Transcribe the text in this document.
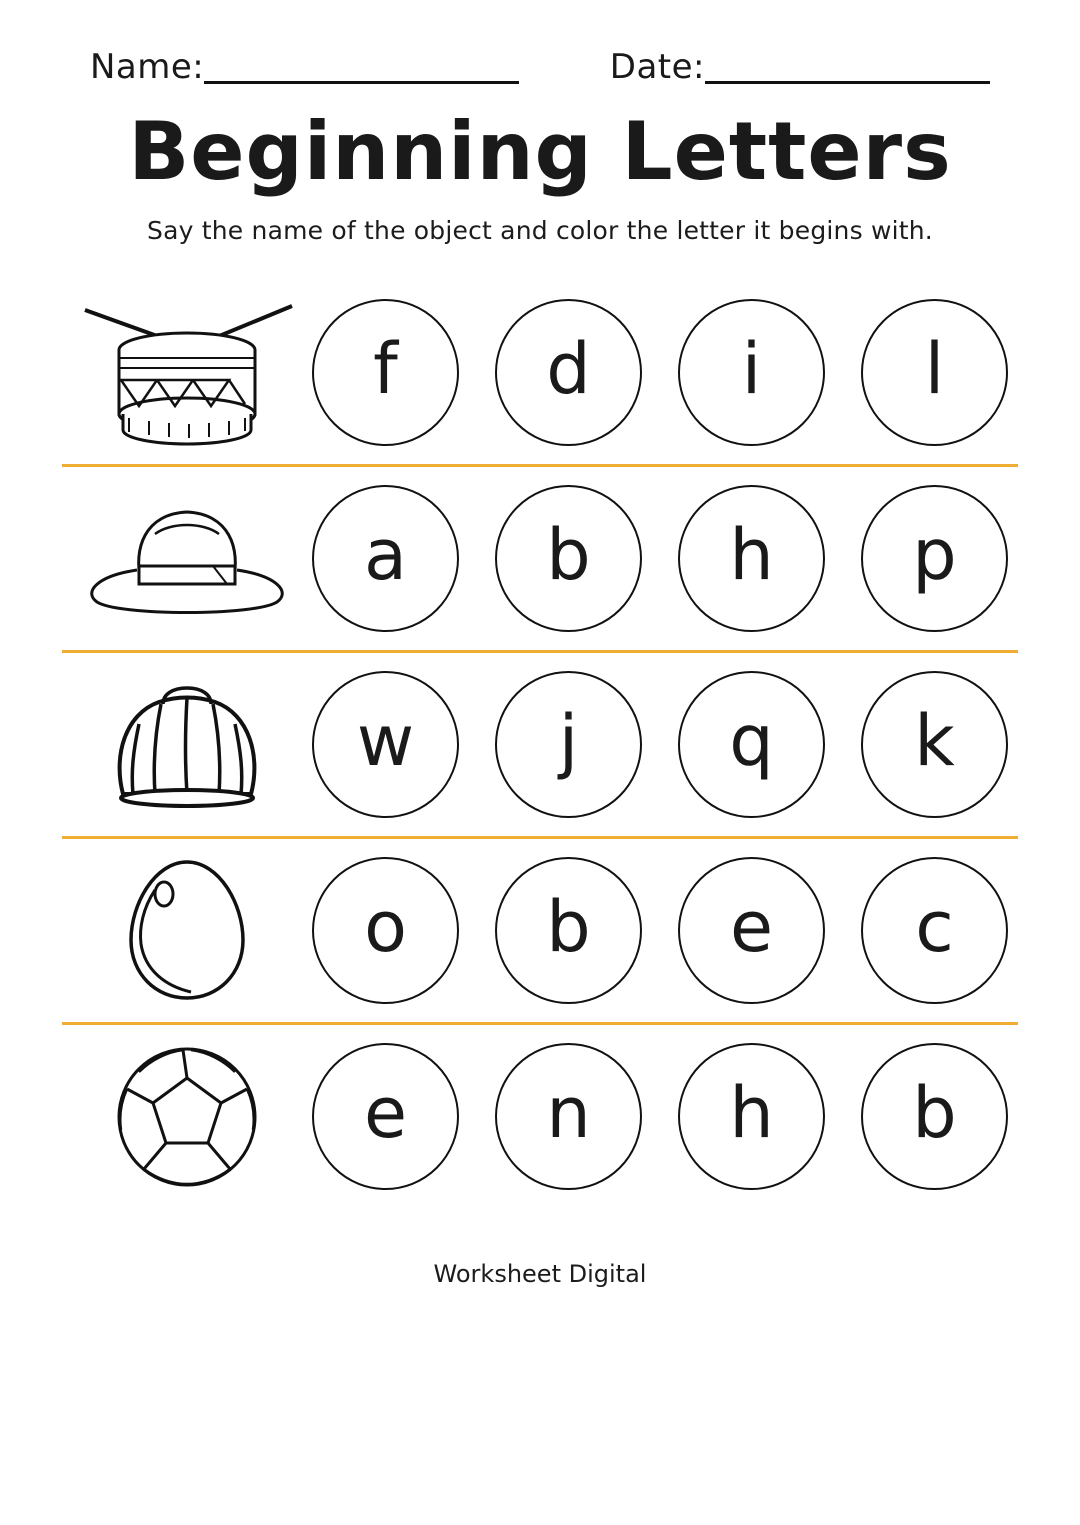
Name:	Date:
Beginning Letters
Say the name of the object and color the letter it begins with.
f d i l
a b h p
w j q k
o b e c
e n h b
Worksheet Digital
